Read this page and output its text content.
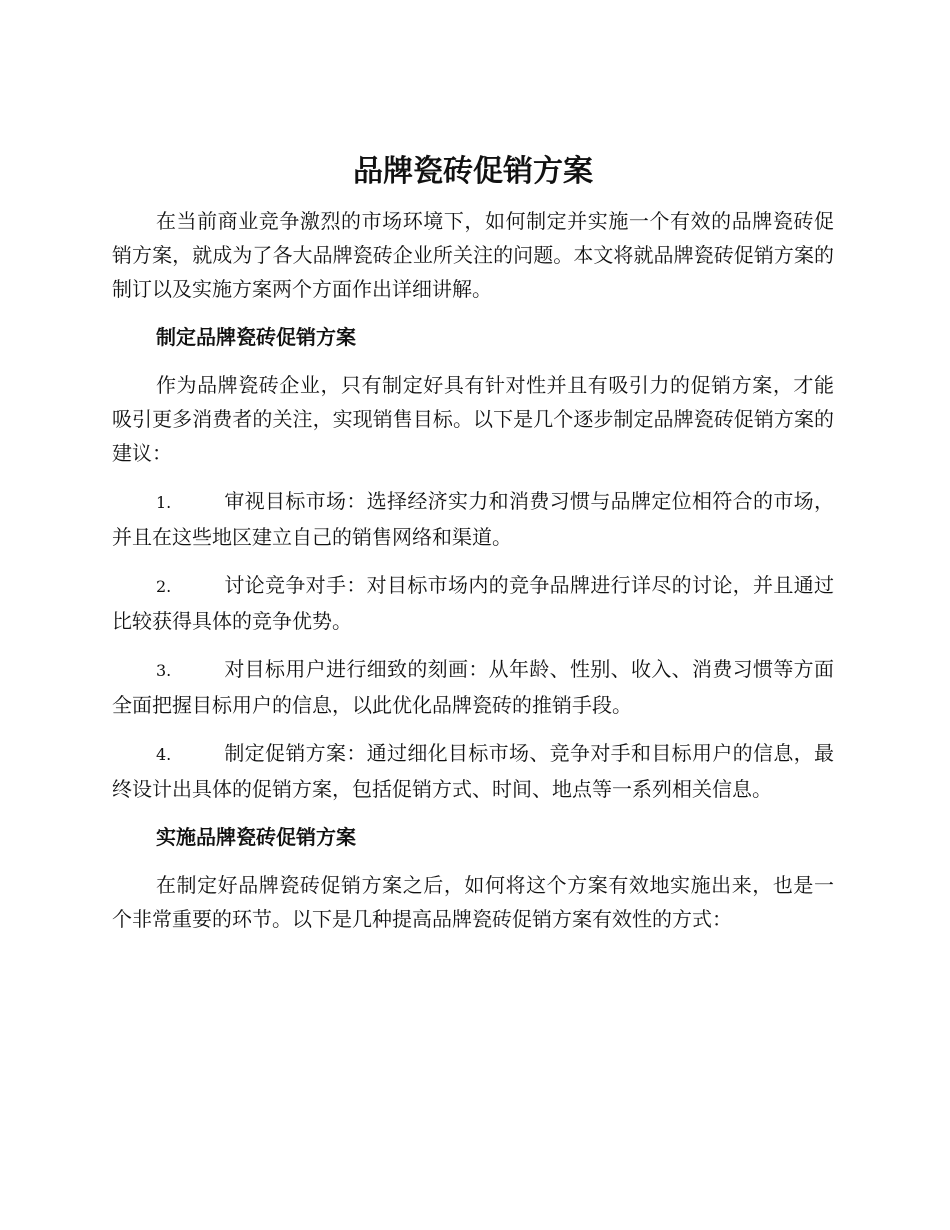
品牌瓷砖促销方案

在当前商业竞争激烈的市场环境下，如何制定并实施一个有效的品牌瓷砖促销方案，就成为了各大品牌瓷砖企业所关注的问题。本文将就品牌瓷砖促销方案的制订以及实施方案两个方面作出详细讲解。

制定品牌瓷砖促销方案

作为品牌瓷砖企业，只有制定好具有针对性并且有吸引力的促销方案，才能吸引更多消费者的关注，实现销售目标。以下是几个逐步制定品牌瓷砖促销方案的建议：

1.	审视目标市场：选择经济实力和消费习惯与品牌定位相符合的市场，并且在这些地区建立自己的销售网络和渠道。

2.	讨论竞争对手：对目标市场内的竞争品牌进行详尽的讨论，并且通过比较获得具体的竞争优势。

3.	对目标用户进行细致的刻画：从年龄、性别、收入、消费习惯等方面全面把握目标用户的信息，以此优化品牌瓷砖的推销手段。

4.	制定促销方案：通过细化目标市场、竞争对手和目标用户的信息，最终设计出具体的促销方案，包括促销方式、时间、地点等一系列相关信息。

实施品牌瓷砖促销方案

在制定好品牌瓷砖促销方案之后，如何将这个方案有效地实施出来，也是一个非常重要的环节。以下是几种提高品牌瓷砖促销方案有效性的方式：
